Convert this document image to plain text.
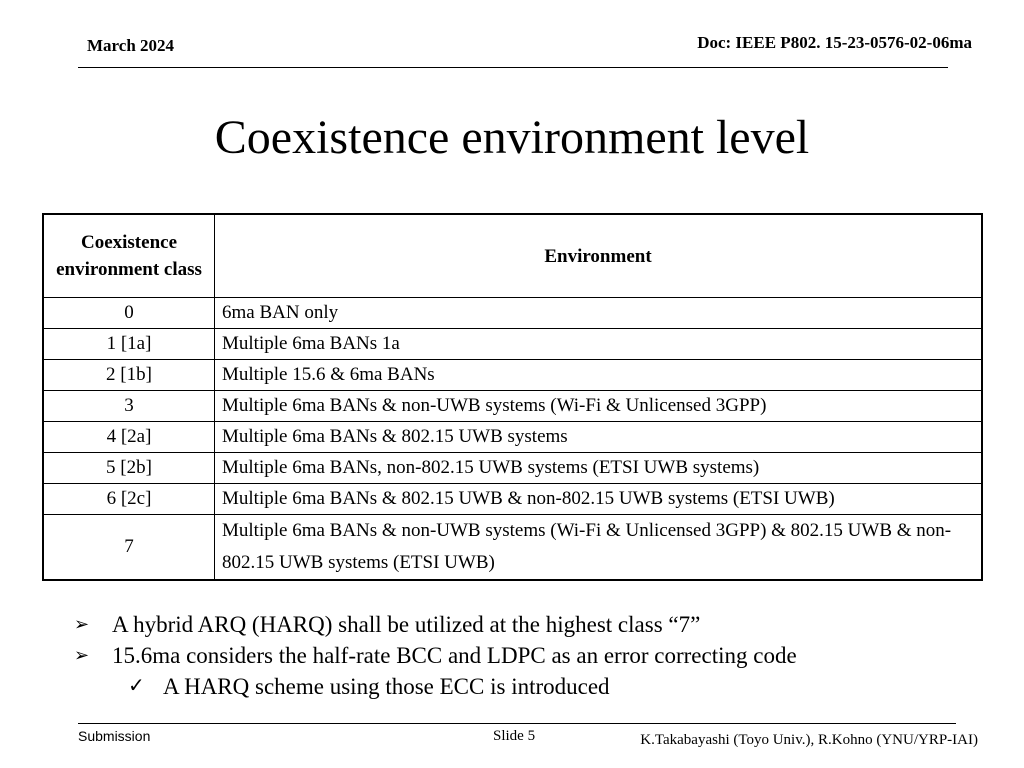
March 2024	Doc: IEEE P802. 15-23-0576-02-06ma
Coexistence environment level
Coexistence environment class	Environment
0	6ma BAN only
1 [1a]	Multiple 6ma BANs 1a
2 [1b]	Multiple 15.6 & 6ma BANs
3	Multiple 6ma BANs & non-UWB systems (Wi-Fi & Unlicensed 3GPP)
4 [2a]	Multiple 6ma BANs & 802.15 UWB systems
5 [2b]	Multiple 6ma BANs, non-802.15 UWB systems (ETSI UWB systems)
6 [2c]	Multiple 6ma BANs & 802.15 UWB & non-802.15 UWB systems (ETSI UWB)
7	Multiple 6ma BANs & non-UWB systems (Wi-Fi & Unlicensed 3GPP) & 802.15 UWB & non-802.15 UWB systems (ETSI UWB)
➢ A hybrid ARQ (HARQ) shall be utilized at the highest class “7”
➢ 15.6ma considers the half-rate BCC and LDPC as an error correcting code
✓ A HARQ scheme using those ECC is introduced
Submission	Slide 5	K.Takabayashi (Toyo Univ.), R.Kohno (YNU/YRP-IAI)
